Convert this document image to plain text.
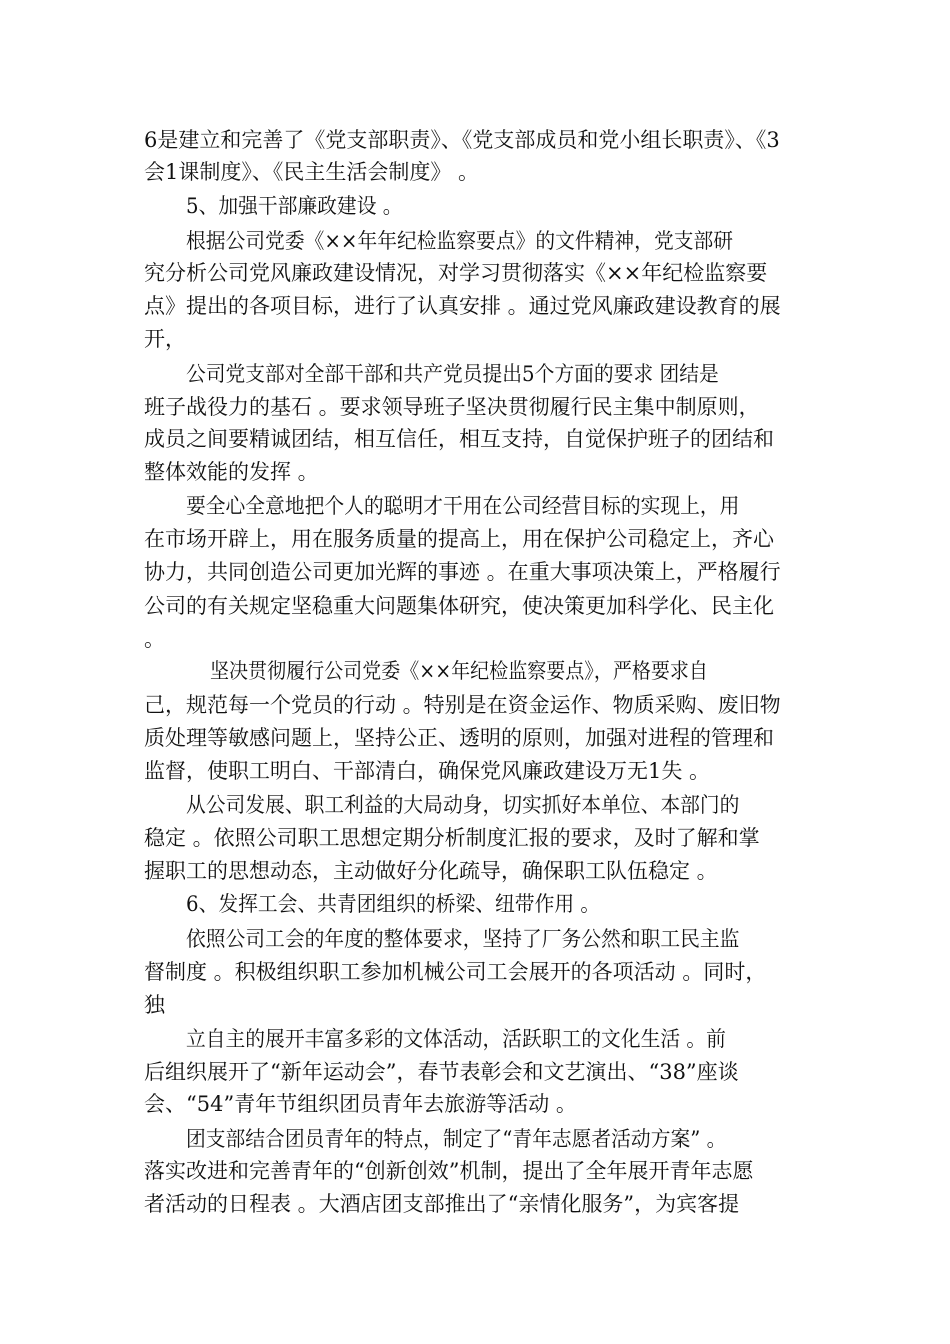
6是建立和完善了《党支部职责》、《党支部成员和党小组长职责》、《3
会1课制度》、《民主生活会制度》 。
5、加强干部廉政建设 。
根据公司党委《××年年纪检监察要点》的文件精神，党支部研
究分析公司党风廉政建设情况，对学习贯彻落实《××年纪检监察要
点》提出的各项目标，进行了认真安排 。通过党风廉政建设教育的展
开，
公司党支部对全部干部和共产党员提出5个方面的要求 团结是
班子战役力的基石 。要求领导班子坚决贯彻履行民主集中制原则，
成员之间要精诚团结，相互信任，相互支持，自觉保护班子的团结和
整体效能的发挥 。
要全心全意地把个人的聪明才干用在公司经营目标的实现上，用
在市场开辟上，用在服务质量的提高上，用在保护公司稳定上，齐心
协力，共同创造公司更加光辉的事迹 。在重大事项决策上，严格履行
公司的有关规定坚稳重大问题集体研究，使决策更加科学化、民主化
。
坚决贯彻履行公司党委《××年纪检监察要点》，严格要求自
己，规范每一个党员的行动 。特别是在资金运作、物质采购、废旧物
质处理等敏感问题上，坚持公正、透明的原则，加强对进程的管理和
监督，使职工明白、干部清白，确保党风廉政建设万无1失 。
从公司发展、职工利益的大局动身，切实抓好本单位、本部门的
稳定 。依照公司职工思想定期分析制度汇报的要求，及时了解和掌
握职工的思想动态，主动做好分化疏导，确保职工队伍稳定 。
6、发挥工会、共青团组织的桥梁、纽带作用 。
依照公司工会的年度的整体要求，坚持了厂务公然和职工民主监
督制度 。积极组织职工参加机械公司工会展开的各项活动 。同时，
独
立自主的展开丰富多彩的文体活动，活跃职工的文化生活 。前
后组织展开了“新年运动会”，春节表彰会和文艺演出、“38”座谈
会、“54”青年节组织团员青年去旅游等活动 。
团支部结合团员青年的特点，制定了“青年志愿者活动方案” 。
落实改进和完善青年的“创新创效”机制，提出了全年展开青年志愿
者活动的日程表 。大酒店团支部推出了“亲情化服务”，为宾客提
